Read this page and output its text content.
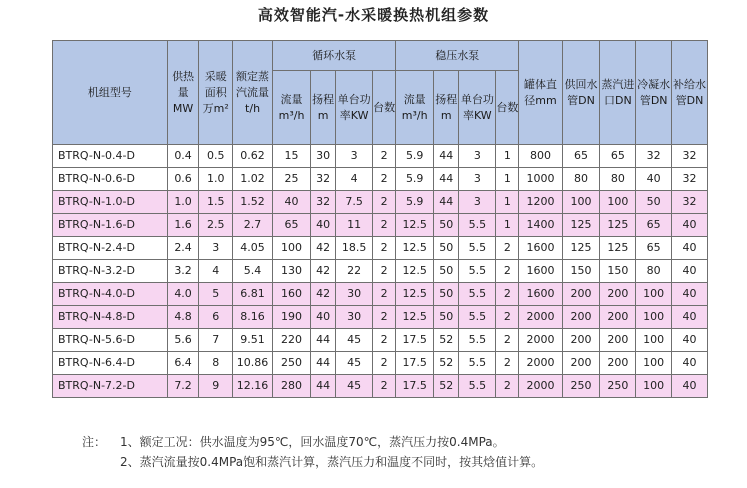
高效智能汽-水采暖换热机组参数
机组型号	供热量MW	采暖面积万m²	额定蒸汽流量t/h	循环水泵				稳压水泵				罐体直径mm	供回水管DN	蒸汽进口DN	冷凝水管DN	补给水管DN
				流量m³/h	扬程m	单台功率KW	台数	流量m³/h	扬程m	单台功率KW	台数					
BTRQ-N-0.4-D	0.4	0.5	0.62	15	30	3	2	5.9	44	3	1	800	65	65	32	32
BTRQ-N-0.6-D	0.6	1.0	1.02	25	32	4	2	5.9	44	3	1	1000	80	80	40	32
BTRQ-N-1.0-D	1.0	1.5	1.52	40	32	7.5	2	5.9	44	3	1	1200	100	100	50	32
BTRQ-N-1.6-D	1.6	2.5	2.7	65	40	11	2	12.5	50	5.5	1	1400	125	125	65	40
BTRQ-N-2.4-D	2.4	3	4.05	100	42	18.5	2	12.5	50	5.5	2	1600	125	125	65	40
BTRQ-N-3.2-D	3.2	4	5.4	130	42	22	2	12.5	50	5.5	2	1600	150	150	80	40
BTRQ-N-4.0-D	4.0	5	6.81	160	42	30	2	12.5	50	5.5	2	1600	200	200	100	40
BTRQ-N-4.8-D	4.8	6	8.16	190	40	30	2	12.5	50	5.5	2	2000	200	200	100	40
BTRQ-N-5.6-D	5.6	7	9.51	220	44	45	2	17.5	52	5.5	2	2000	200	200	100	40
BTRQ-N-6.4-D	6.4	8	10.86	250	44	45	2	17.5	52	5.5	2	2000	200	200	100	40
BTRQ-N-7.2-D	7.2	9	12.16	280	44	45	2	17.5	52	5.5	2	2000	250	250	100	40
注： 1、额定工况：供水温度为95℃，回水温度70℃，蒸汽压力按0.4MPa。
2、蒸汽流量按0.4MPa饱和蒸汽计算，蒸汽压力和温度不同时，按其焓值计算。
